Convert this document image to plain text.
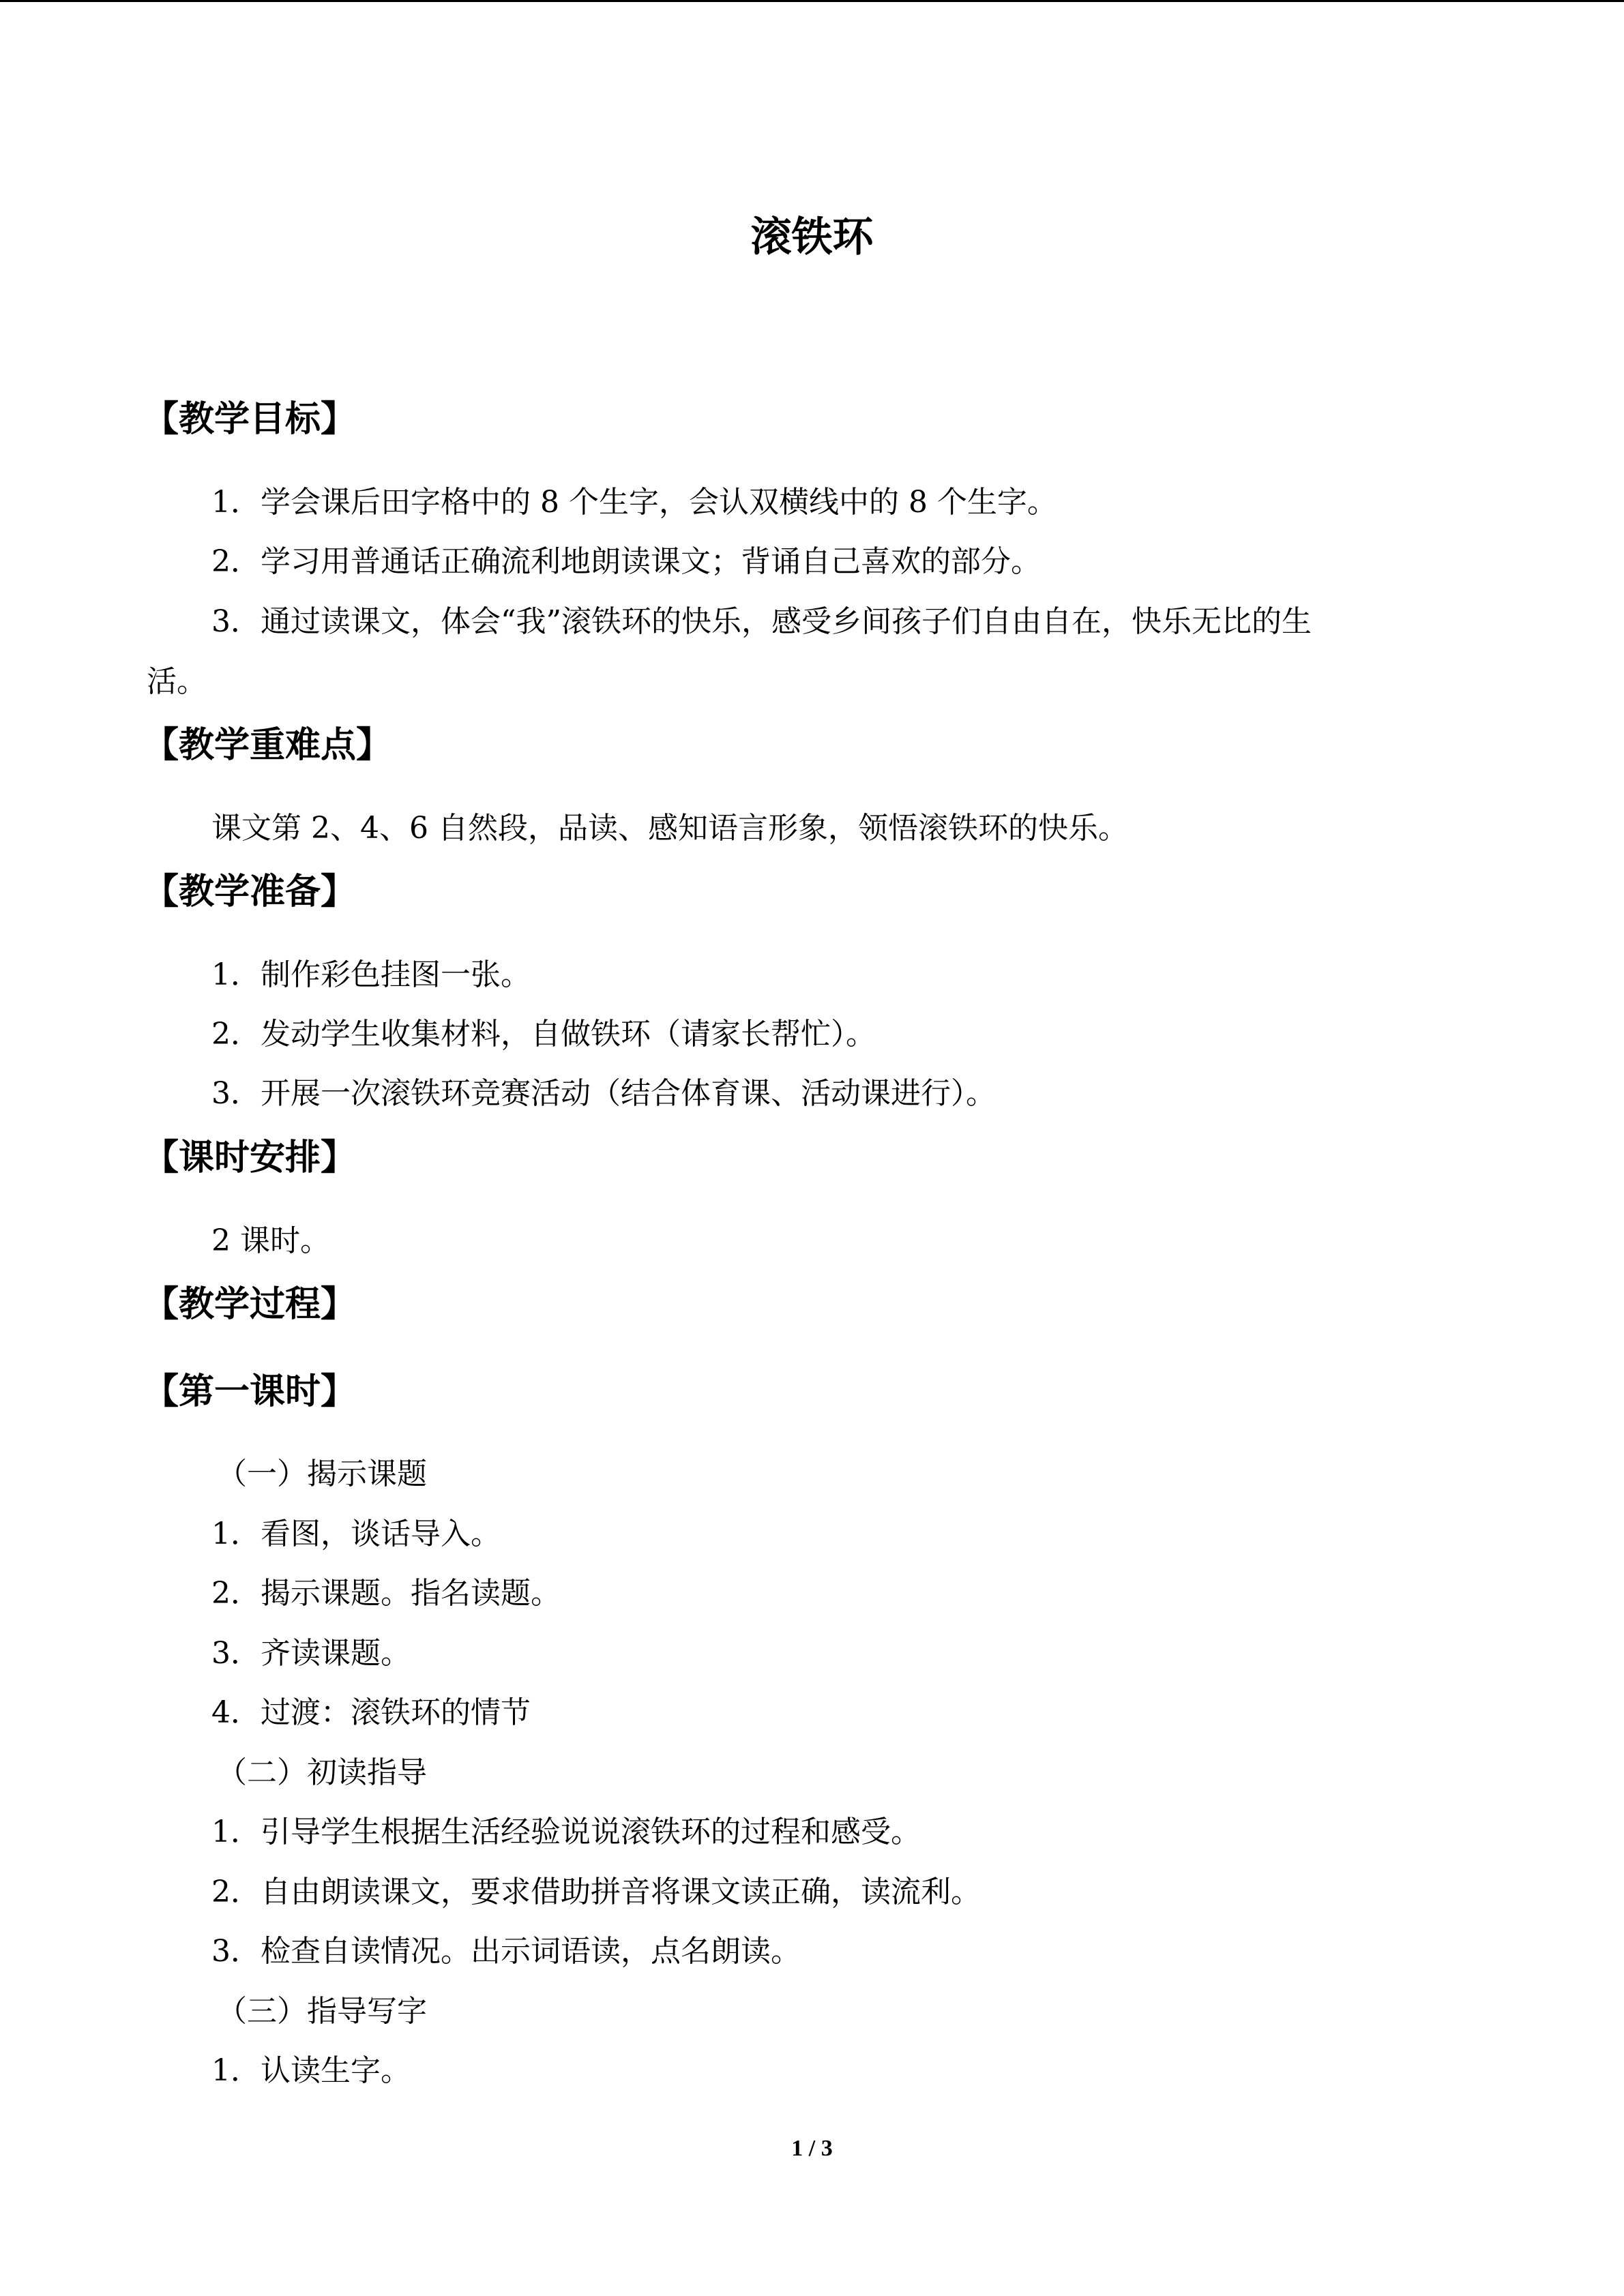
滚铁环
【教学目标】
1．学会课后田字格中的 8 个生字，会认双横线中的 8 个生字。
2．学习用普通话正确流利地朗读课文；背诵自己喜欢的部分。
3．通过读课文，体会“我”滚铁环的快乐，感受乡间孩子们自由自在，快乐无比的生
活。
【教学重难点】
课文第 2、4、6 自然段，品读、感知语言形象，领悟滚铁环的快乐。
【教学准备】
1．制作彩色挂图一张。
2．发动学生收集材料，自做铁环（请家长帮忙）。
3．开展一次滚铁环竞赛活动（结合体育课、活动课进行）。
【课时安排】
2 课时。
【教学过程】
【第一课时】
（一）揭示课题
1．看图，谈话导入。
2．揭示课题。指名读题。
3．齐读课题。
4．过渡：滚铁环的情节
（二）初读指导
1．引导学生根据生活经验说说滚铁环的过程和感受。
2．自由朗读课文，要求借助拼音将课文读正确，读流利。
3．检查自读情况。出示词语读，点名朗读。
（三）指导写字
1．认读生字。
1 / 3
